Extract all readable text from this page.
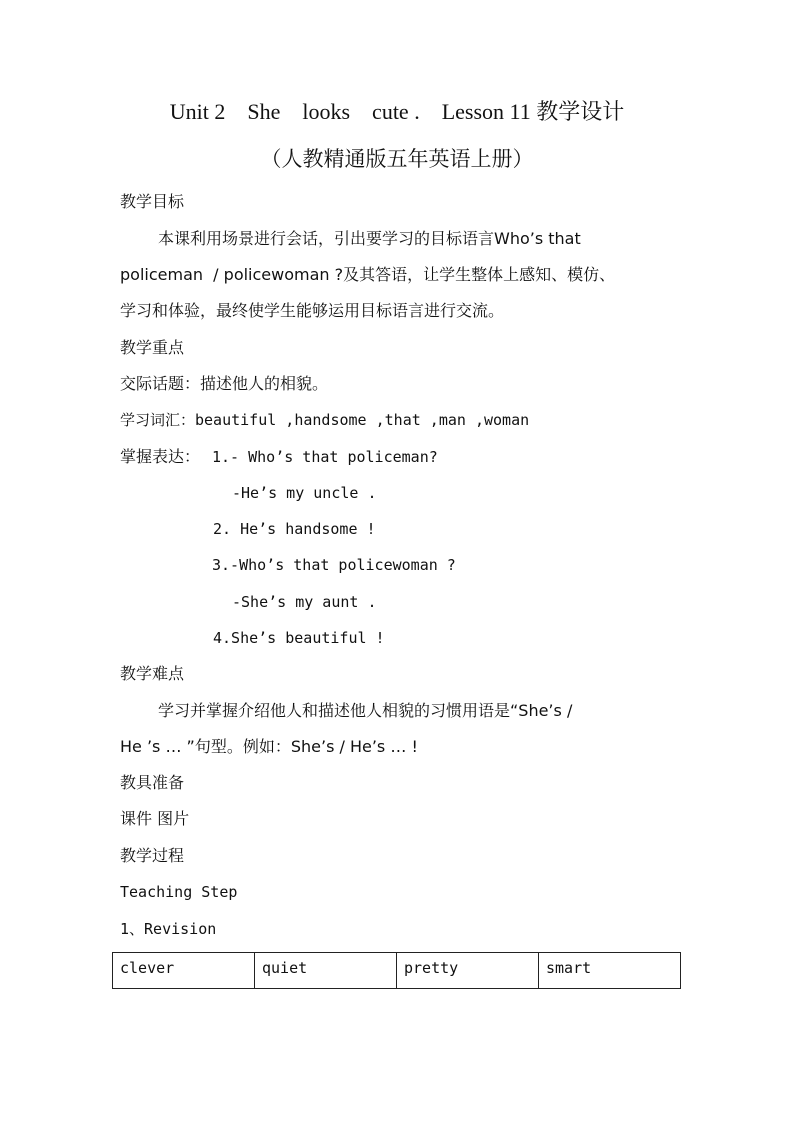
Unit 2    She    looks    cute .    Lesson 11 教学设计
（人教精通版五年英语上册）
教学目标
本课利用场景进行会话，引出要学习的目标语言Who’s that
policeman  / policewoman ?及其答语，让学生整体上感知、模仿、
学习和体验，最终使学生能够运用目标语言进行交流。
教学重点
交际话题：描述他人的相貌。
学习词汇：beautiful ,handsome ,that ,man ,woman
掌握表达： 1.- Who’s that policeman?
-He’s my uncle .
2. He’s handsome !
3.-Who’s that policewoman ?
-She’s my aunt .
4.She’s beautiful !
教学难点
学习并掌握介绍他人和描述他人相貌的习惯用语是“She’s /
He ’s … ”句型。例如：She’s / He’s … !
教具准备
课件 图片
教学过程
Teaching Step
1、Revision
clever	quiet	pretty	smart
